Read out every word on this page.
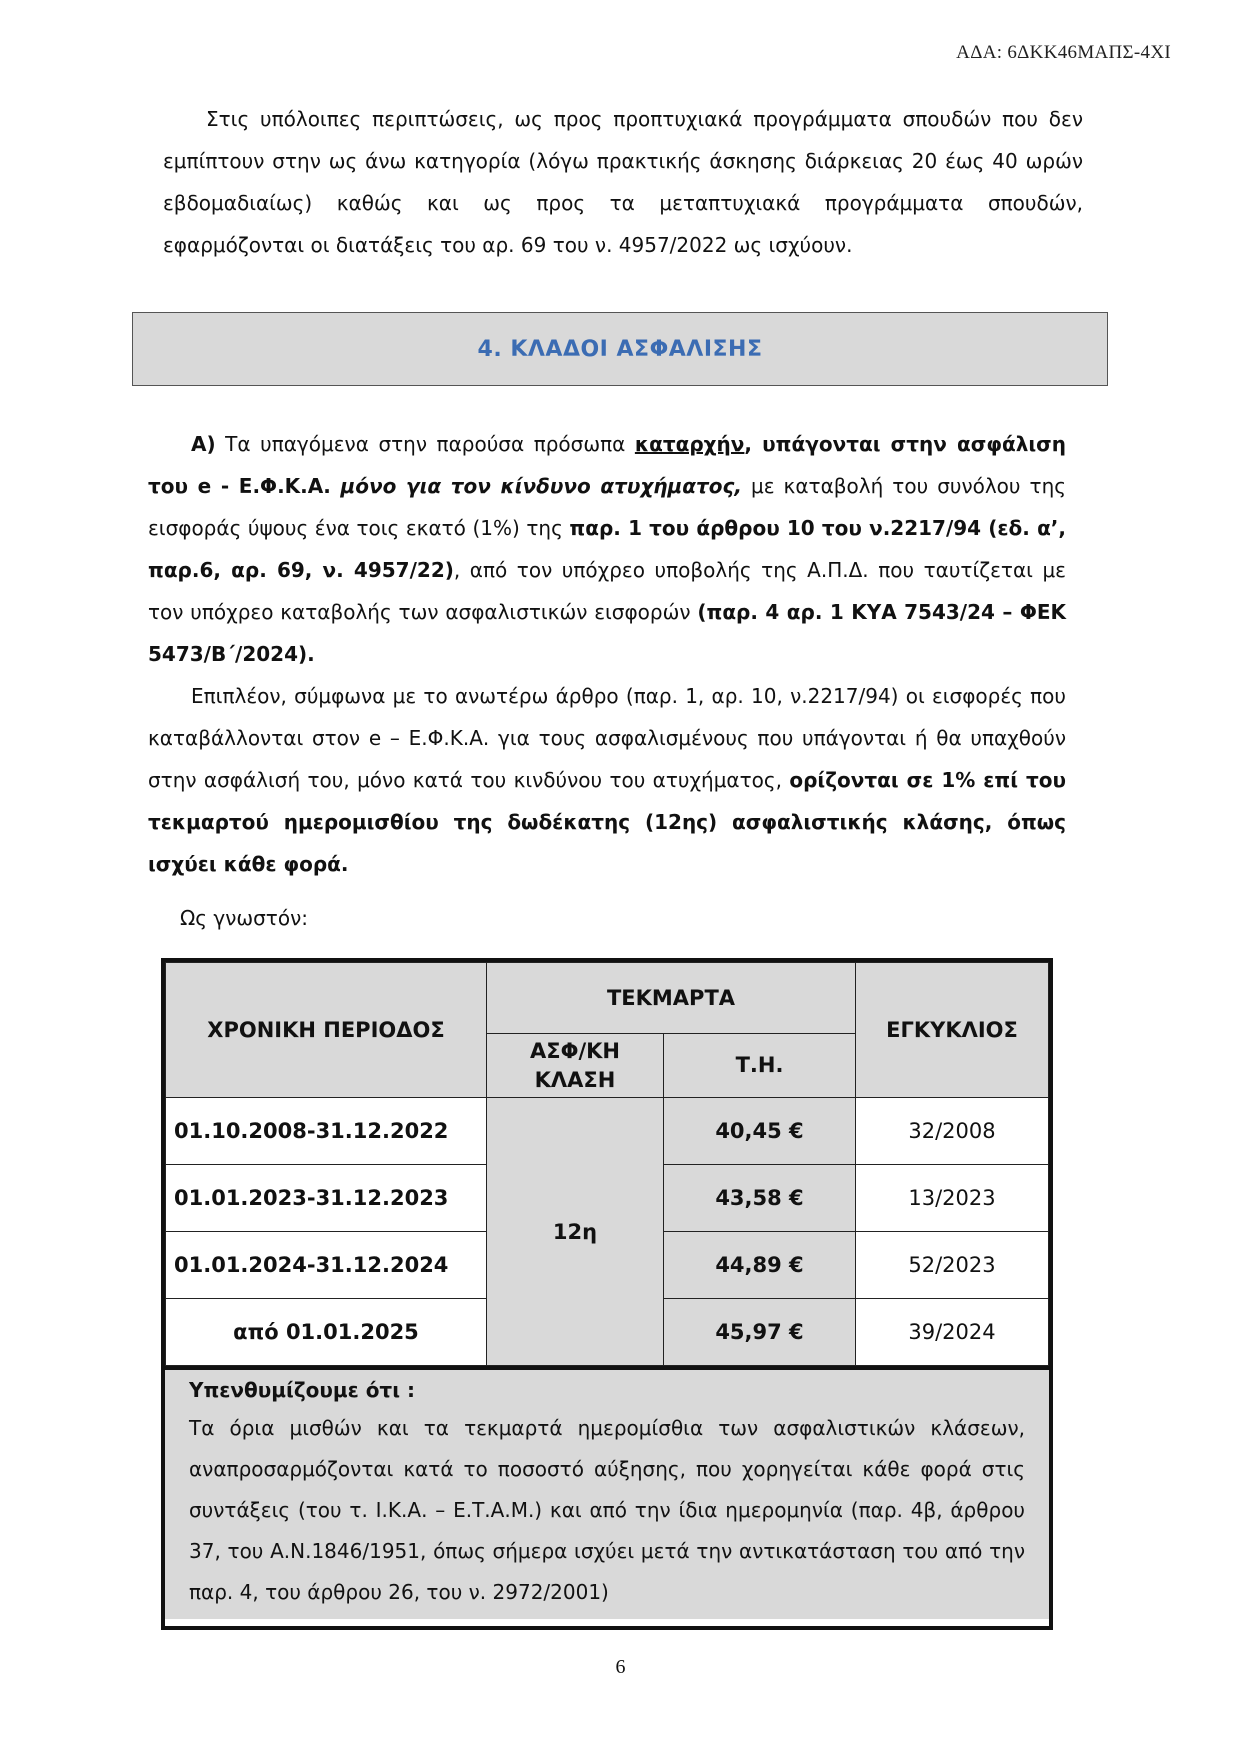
ΑΔΑ: 6ΔΚΚ46ΜΑΠΣ-4ΧΙ

Στις υπόλοιπες περιπτώσεις, ως προς προπτυχιακά προγράμματα σπουδών που δεν εμπίπτουν στην ως άνω κατηγορία (λόγω πρακτικής άσκησης διάρκειας 20 έως 40 ωρών εβδομαδιαίως) καθώς και ως προς τα μεταπτυχιακά προγράμματα σπουδών, εφαρμόζονται οι διατάξεις του αρ. 69 του ν. 4957/2022 ως ισχύουν.

4. ΚΛΑΔΟΙ ΑΣΦΑΛΙΣΗΣ

Α) Τα υπαγόμενα στην παρούσα πρόσωπα καταρχήν, υπάγονται στην ασφάλιση του e - Ε.Φ.Κ.Α. μόνο για τον κίνδυνο ατυχήματος, με καταβολή του συνόλου της εισφοράς ύψους ένα τοις εκατό (1%) της παρ. 1 του άρθρου 10 του ν.2217/94 (εδ. α’, παρ.6, αρ. 69, ν. 4957/22), από τον υπόχρεο υποβολής της Α.Π.Δ. που ταυτίζεται με τον υπόχρεο καταβολής των ασφαλιστικών εισφορών (παρ. 4 αρ. 1 ΚΥΑ 7543/24 – ΦΕΚ 5473/Β΄/2024).

Επιπλέον, σύμφωνα με το ανωτέρω άρθρο (παρ. 1, αρ. 10, ν.2217/94) οι εισφορές που καταβάλλονται στον e – Ε.Φ.Κ.Α. για τους ασφαλισμένους που υπάγονται ή θα υπαχθούν στην ασφάλισή του, μόνο κατά του κινδύνου του ατυχήματος, ορίζονται σε 1% επί του τεκμαρτού ημερομισθίου της δωδέκατης (12ης) ασφαλιστικής κλάσης, όπως ισχύει κάθε φορά.

Ως γνωστόν:
ΧΡΟΝΙΚΗ ΠΕΡΙΟΔΟΣ	ΤΕΚΜΑΡΤΑ		ΕΓΚΥΚΛΙΟΣ
	ΑΣΦ/ΚΗ ΚΛΑΣΗ	Τ.Η.	
01.10.2008-31.12.2022	12η	40,45 €	32/2008
01.01.2023-31.12.2023		43,58 €	13/2023
01.01.2024-31.12.2024		44,89 €	52/2023
από 01.01.2025		45,97 €	39/2024
Υπενθυμίζουμε ότι :
Τα όρια μισθών και τα τεκμαρτά ημερομίσθια των ασφαλιστικών κλάσεων, αναπροσαρμόζονται κατά το ποσοστό αύξησης, που χορηγείται κάθε φορά στις συντάξεις (του τ. Ι.Κ.Α. – Ε.Τ.Α.Μ.) και από την ίδια ημερομηνία (παρ. 4β, άρθρου 37, του Α.Ν.1846/1951, όπως σήμερα ισχύει μετά την αντικατάσταση του από την παρ. 4, του άρθρου 26, του ν. 2972/2001)
6
